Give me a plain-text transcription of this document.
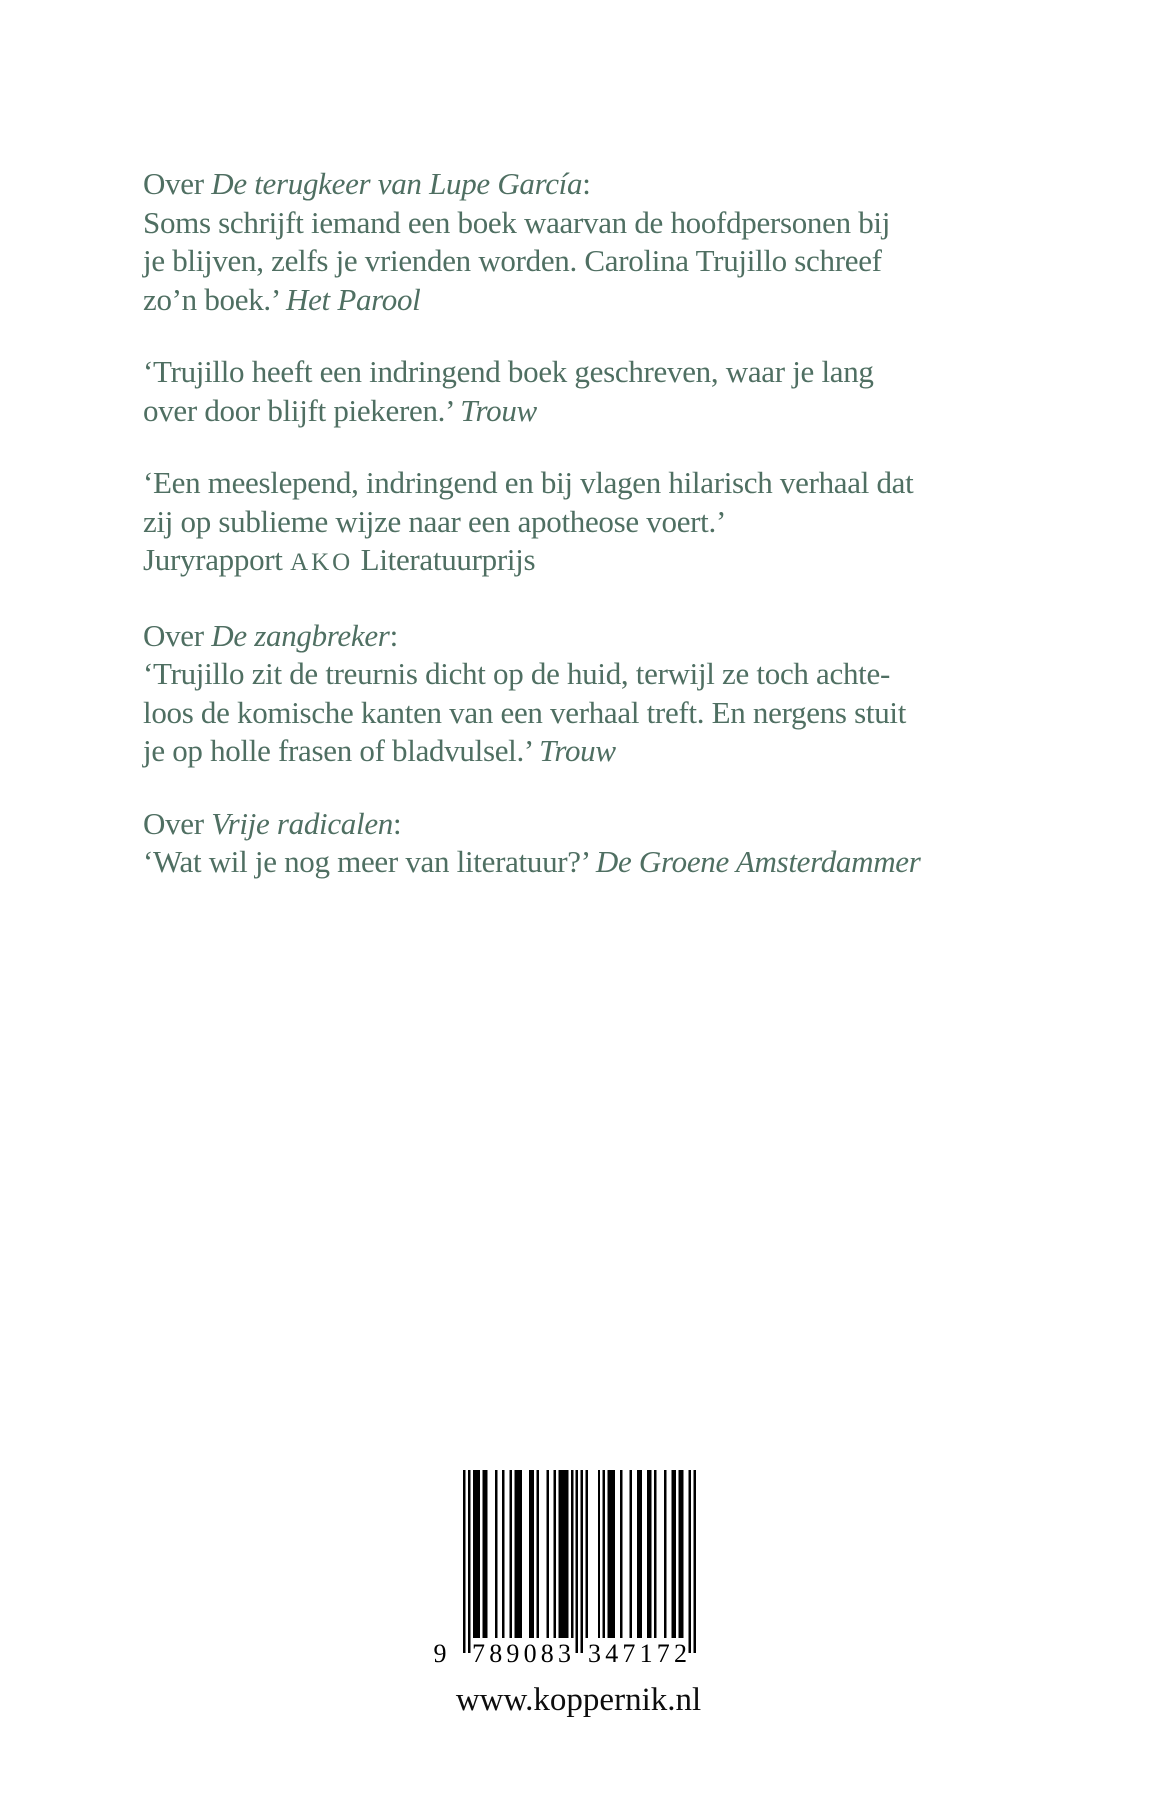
Over De terugkeer van Lupe García:
Soms schrijft iemand een boek waarvan de hoofdpersonen bij
je blijven, zelfs je vrienden worden. Carolina Trujillo schreef
zo’n boek.’ Het Parool
‘Trujillo heeft een indringend boek geschreven, waar je lang
over door blijft piekeren.’ Trouw
‘Een meeslepend, indringend en bij vlagen hilarisch verhaal dat
zij op sublieme wijze naar een apotheose voert.’
Juryrapport AKO Literatuurprijs
Over De zangbreker:
‘Trujillo zit de treurnis dicht op de huid, terwijl ze toch achte-
loos de komische kanten van een verhaal treft. En nergens stuit
je op holle frasen of bladvulsel.’ Trouw
Over Vrije radicalen:
‘Wat wil je nog meer van literatuur?’ De Groene Amsterdammer
9 7 8 9 0 8 3 3 4 7 1 7 2
www.koppernik.nl
